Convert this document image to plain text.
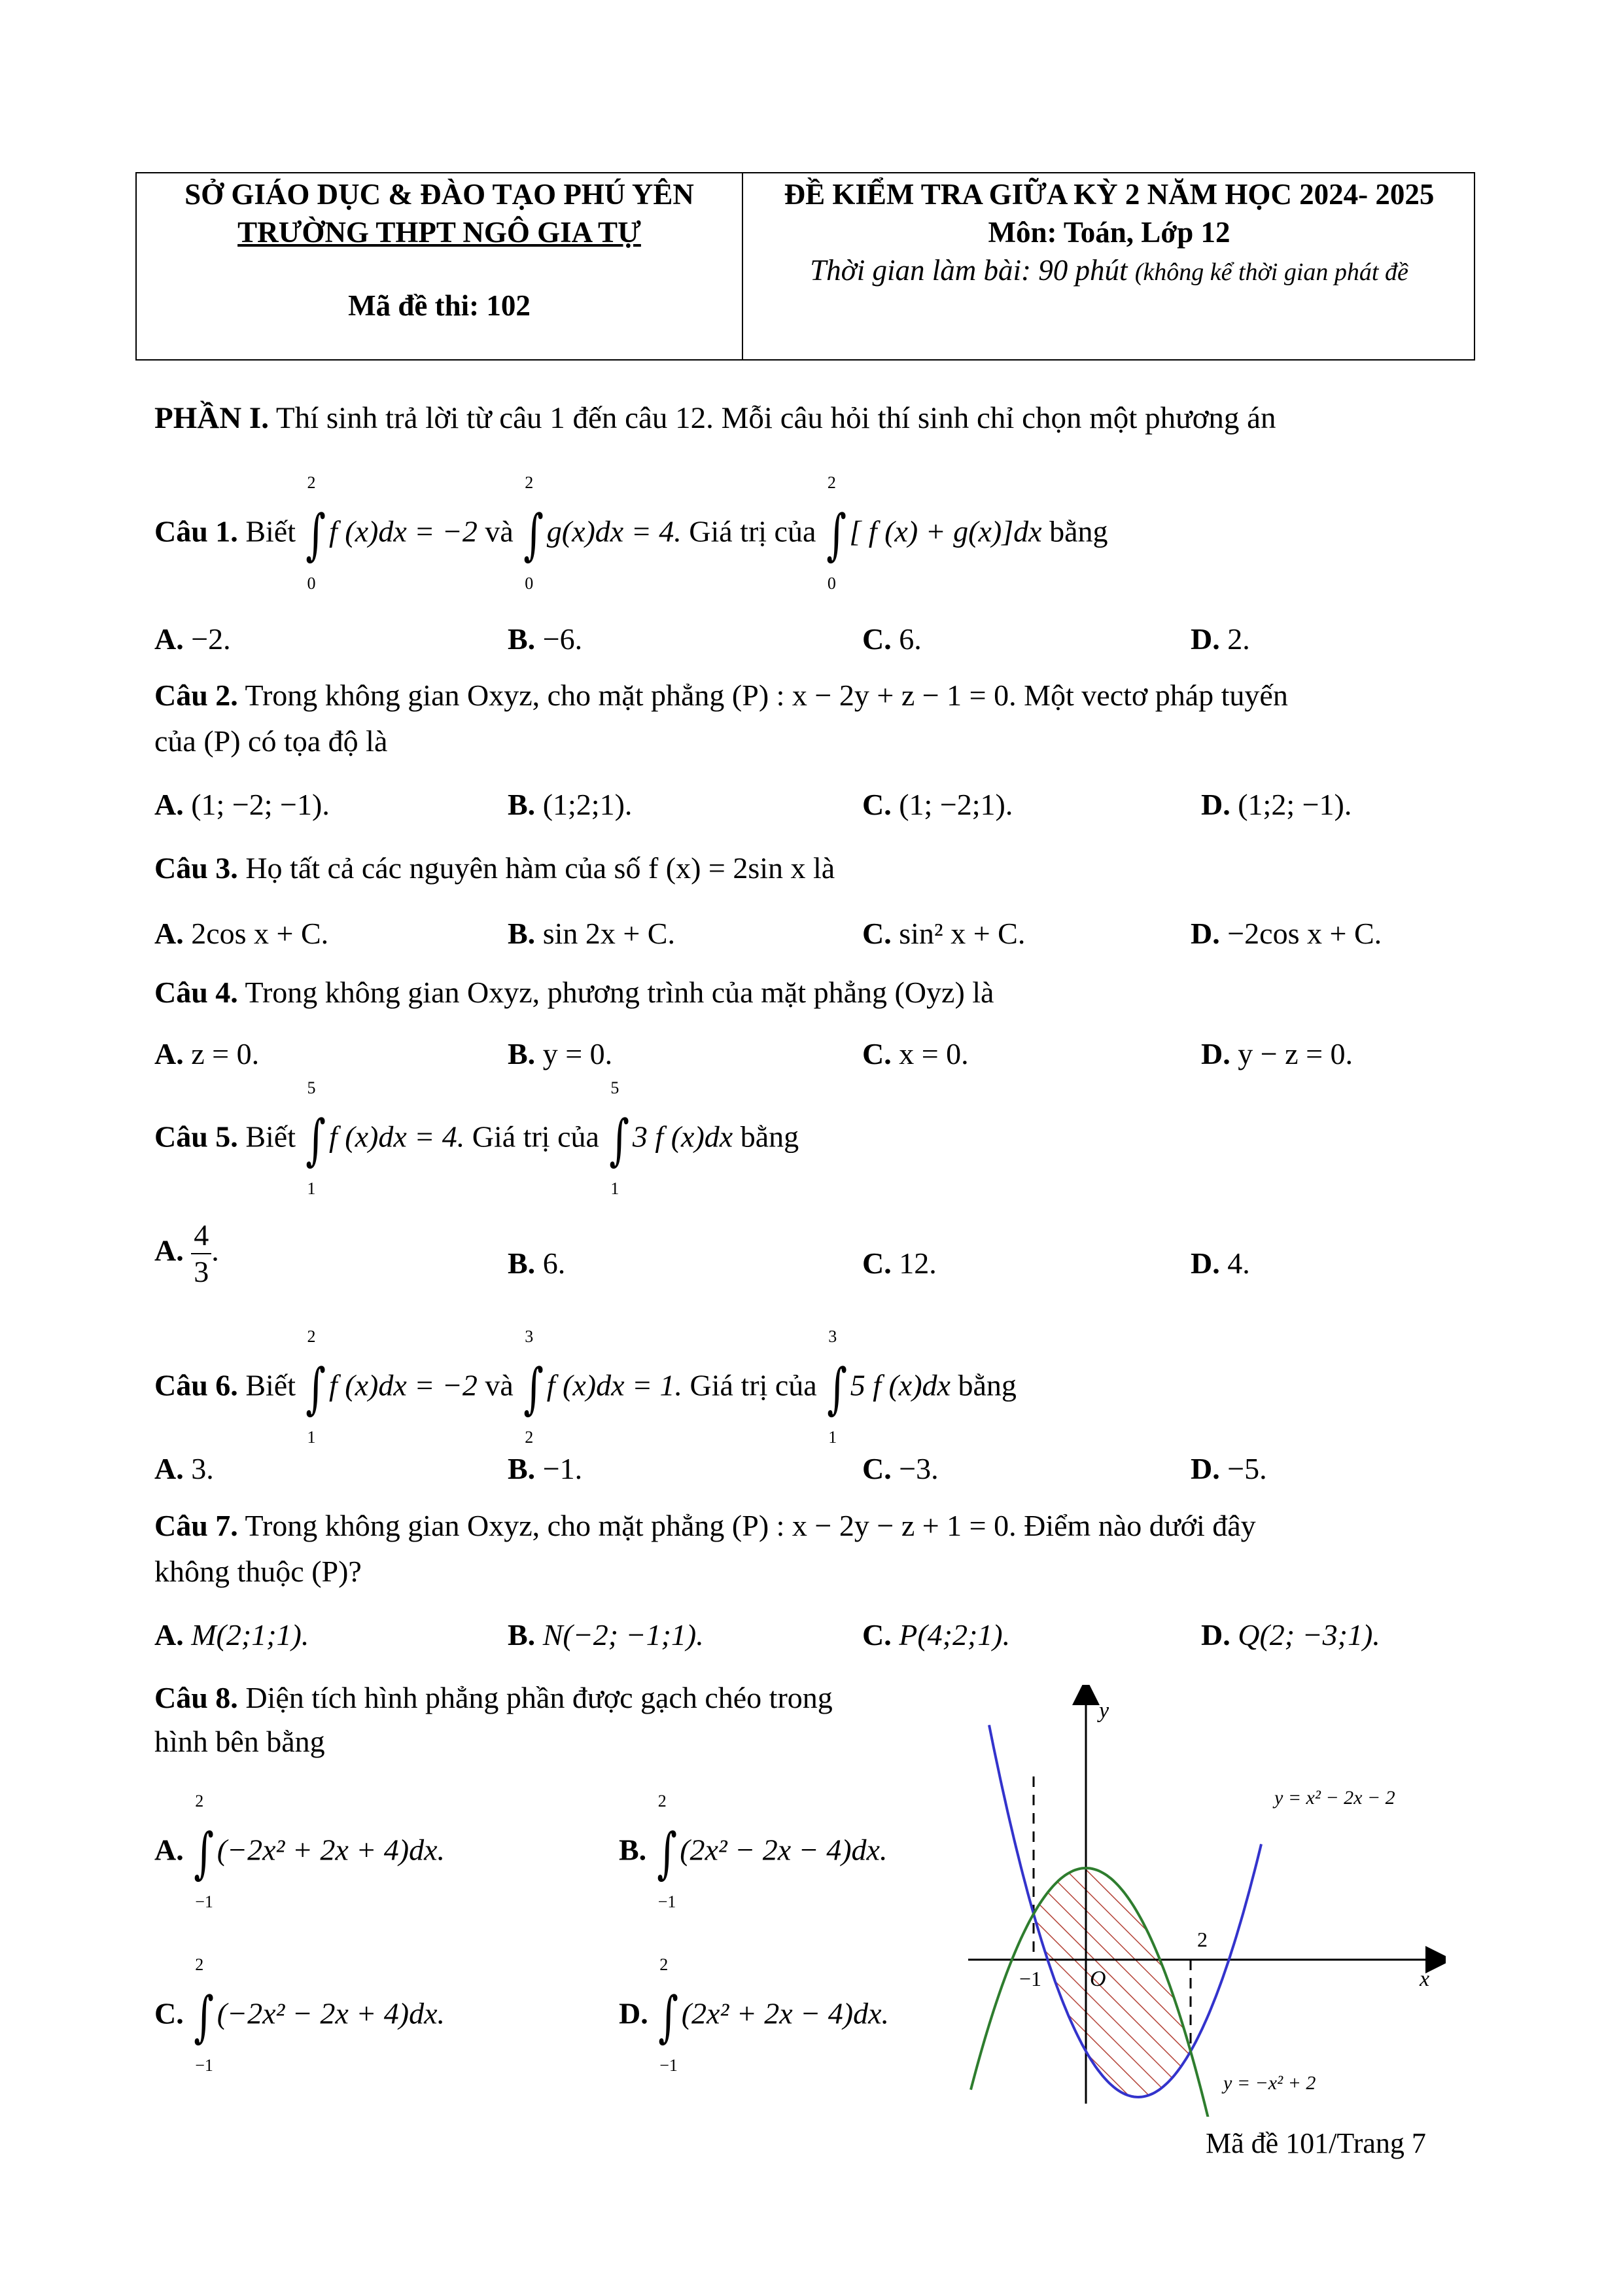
SỞ GIÁO DỤC & ĐÀO TẠO PHÚ YÊN
TRƯỜNG THPT NGÔ GIA TỰ
Mã đề thi: 102
ĐỀ KIỂM TRA GIỮA KỲ 2 NĂM HỌC 2024- 2025
Môn: Toán, Lớp 12
Thời gian làm bài: 90 phút (không kể thời gian phát đề
PHẦN I. Thí sinh trả lời từ câu 1 đến câu 12. Mỗi câu hỏi thí sinh chỉ chọn một phương án
Câu 1. Biết
2
∫
0
f (x)dx = −2 và
2
∫
0
g(x)dx = 4. Giá trị của
2
∫
0
[ f (x) + g(x)]dx bằng
A. −2.	B. −6.	C. 6.	D. 2.
Câu 2. Trong không gian Oxyz, cho mặt phẳng (P) : x − 2y + z − 1 = 0. Một vectơ pháp tuyến
của (P) có tọa độ là
A. (1; −2; −1).	B. (1;2;1).	C. (1; −2;1).	D. (1;2; −1).
Câu 3. Họ tất cả các nguyên hàm của số f (x) = 2sin x là
A. 2cos x + C.	B. sin 2x + C.	C. sin² x + C.	D. −2cos x + C.
Câu 4. Trong không gian Oxyz, phương trình của mặt phẳng (Oyz) là
A. z = 0.	B. y = 0.	C. x = 0.	D. y − z = 0.
Câu 5. Biết
5
∫
1
f (x)dx = 4. Giá trị của
5
∫
1
3 f (x)dx bằng
A. $\frac{4}{3}$ .	B. 6.	C. 12.	D. 4.
Câu 6. Biết
2
∫
1
f (x)dx = −2 và
3
∫
2
f (x)dx = 1. Giá trị của
3
∫
1
5 f (x)dx bằng
A. 3.	B. −1.	C. −3.	D. −5.
Câu 7. Trong không gian Oxyz, cho mặt phẳng (P) : x − 2y − z + 1 = 0. Điểm nào dưới đây
không thuộc (P)?
A. M(2;1;1).	B. N(−2; −1;1).	C. P(4;2;1).	D. Q(2; −3;1).
Câu 8. Diện tích hình phẳng phần được gạch chéo trong
hình bên bằng
A.
2
∫
−1
(−2x² + 2x + 4)dx.	B.
2
∫
−1
(2x² − 2x − 4)dx.
C.
2
∫
−1
(−2x² − 2x + 4)dx.	D.
2
∫
−1
(2x² + 2x − 4)dx.
y
x
O
−1
2
y = x² − 2x − 2
y = −x² + 2
Mã đề 101/Trang 7
